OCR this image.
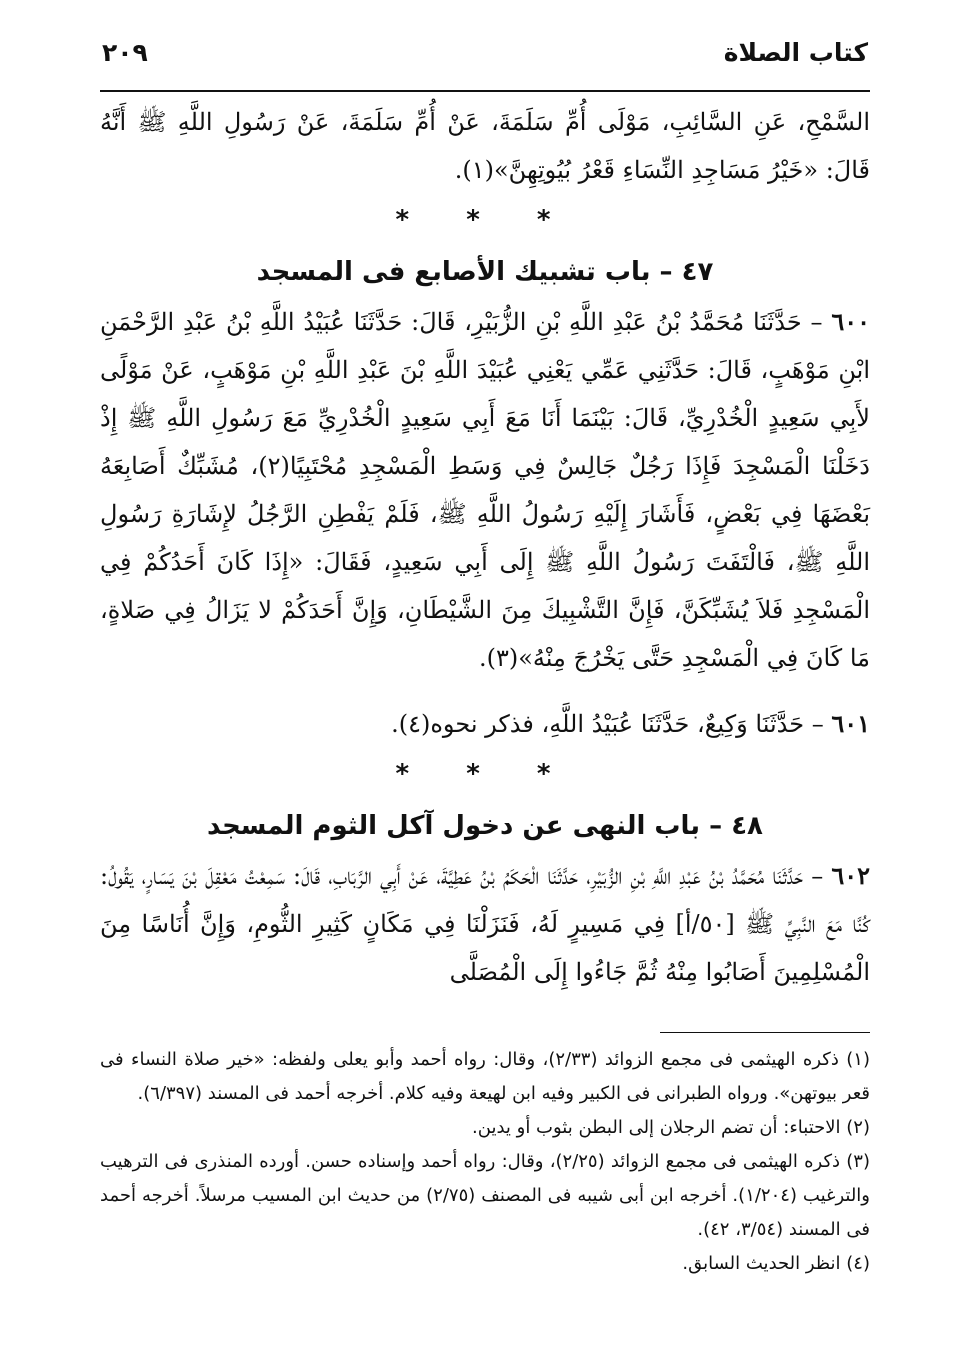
كتاب الصلاة
٢٠٩

السَّمْحِ، عَنِ السَّائِبِ، مَوْلَى أُمِّ سَلَمَةَ، عَنْ أُمِّ سَلَمَةَ، عَنْ رَسُولِ اللَّهِ ﷺ أَنَّهُ قَالَ: «خَيْرُ مَسَاجِدِ النِّسَاءِ قَعْرُ بُيُوتِهِنَّ»(١).

* * *
٤٧ – باب تشبيك الأصابع فى المسجد

٦٠٠ – حَدَّثَنَا مُحَمَّدُ بْنُ عَبْدِ اللَّهِ بْنِ الزُّبَيْرِ، قَالَ: حَدَّثَنَا عُبَيْدُ اللَّهِ بْنُ عَبْدِ الرَّحْمَنِ ابْنِ مَوْهَبٍ، قَالَ: حَدَّثَنِي عَمِّي يَعْنِي عُبَيْدَ اللَّهِ بْنَ عَبْدِ اللَّهِ بْنِ مَوْهَبٍ، عَنْ مَوْلًى لأَبِي سَعِيدٍ الْخُدْرِيِّ، قَالَ: بَيْنَمَا أَنَا مَعَ أَبِي سَعِيدٍ الْخُدْرِيِّ مَعَ رَسُولِ اللَّهِ ﷺ إِذْ دَخَلْنَا الْمَسْجِدَ فَإِذَا رَجُلٌ جَالِسٌ فِي وَسَطِ الْمَسْجِدِ مُحْتَبِيًا(٢)، مُشَبِّكٌ أَصَابِعَهُ بَعْضَهَا فِي بَعْضٍ، فَأَشَارَ إِلَيْهِ رَسُولُ اللَّهِ ﷺ، فَلَمْ يَفْطِنِ الرَّجُلُ لإِشَارَةِ رَسُولِ اللَّهِ ﷺ، فَالْتَفَتَ رَسُولُ اللَّهِ ﷺ إِلَى أَبِي سَعِيدٍ، فَقَالَ: «إِذَا كَانَ أَحَدُكُمْ فِي الْمَسْجِدِ فَلاَ يُشَبِّكَنَّ، فَإِنَّ التَّشْبِيكَ مِنَ الشَّيْطَانِ، وَإِنَّ أَحَدَكُمْ لا يَزَالُ فِي صَلاةٍ، مَا كَانَ فِي الْمَسْجِدِ حَتَّى يَخْرُجَ مِنْهُ»(٣).

٦٠١ – حَدَّثَنَا وَكِيعٌ، حَدَّثَنَا عُبَيْدُ اللَّهِ، فذكر نحوه(٤).

* * *
٤٨ – باب النهى عن دخول آكل الثوم المسجد

٦٠٢ – حَدَّثَنَا مُحَمَّدُ بْنُ عَبْدِ اللَّهِ بْنِ الزُّبَيْرِ، حَدَّثَنَا الْحَكَمُ بْنُ عَطِيَّةَ، عَنْ أَبِي الرَّبَابِ، قَالَ: سَمِعْتُ مَعْقِلَ بْنَ يَسَارٍ، يَقُولُ: كُنَّا مَعَ النَّبِيِّ ﷺ [٥٠/أ] فِي مَسِيرٍ لَهُ، فَنَزَلْنَا فِي مَكَانٍ كَثِيرِ الثُّومِ، وَإِنَّ أُنَاسًا مِنَ الْمُسْلِمِينَ أَصَابُوا مِنْهُ ثُمَّ جَاءُوا إِلَى الْمُصَلَّى

(١) ذكره الهيثمى فى مجمع الزوائد (٢/٣٣)، وقال: رواه أحمد وأبو يعلى ولفظه: «خير صلاة النساء فى قعر بيوتهن». ورواه الطبرانى فى الكبير وفيه ابن لهيعة وفيه كلام. أخرجه أحمد فى المسند (٦/٣٩٧).

(٢) الاحتباء: أن تضم الرجلان إلى البطن بثوب أو يدين.

(٣) ذكره الهيثمى فى مجمع الزوائد (٢/٢٥)، وقال: رواه أحمد وإسناده حسن. أورده المنذرى فى الترهيب والترغيب (١/٢٠٤). أخرجه ابن أبى شيبه فى المصنف (٢/٧٥) من حديث ابن المسيب مرسلاً. أخرجه أحمد فى المسند (٣/٥٤، ٤٢).

(٤) انظر الحديث السابق.
